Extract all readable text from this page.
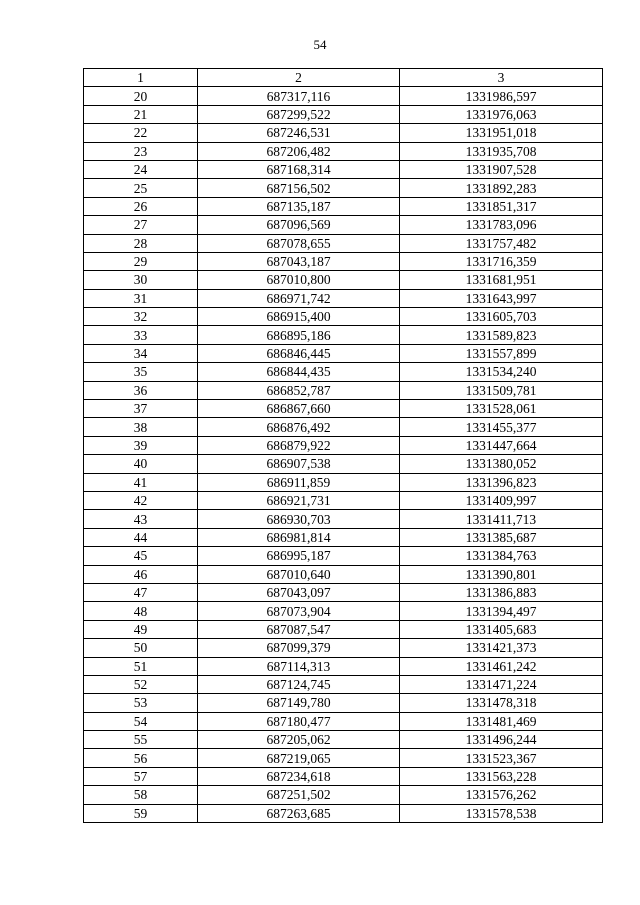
54
1	2	3
20	687317,116	1331986,597
21	687299,522	1331976,063
22	687246,531	1331951,018
23	687206,482	1331935,708
24	687168,314	1331907,528
25	687156,502	1331892,283
26	687135,187	1331851,317
27	687096,569	1331783,096
28	687078,655	1331757,482
29	687043,187	1331716,359
30	687010,800	1331681,951
31	686971,742	1331643,997
32	686915,400	1331605,703
33	686895,186	1331589,823
34	686846,445	1331557,899
35	686844,435	1331534,240
36	686852,787	1331509,781
37	686867,660	1331528,061
38	686876,492	1331455,377
39	686879,922	1331447,664
40	686907,538	1331380,052
41	686911,859	1331396,823
42	686921,731	1331409,997
43	686930,703	1331411,713
44	686981,814	1331385,687
45	686995,187	1331384,763
46	687010,640	1331390,801
47	687043,097	1331386,883
48	687073,904	1331394,497
49	687087,547	1331405,683
50	687099,379	1331421,373
51	687114,313	1331461,242
52	687124,745	1331471,224
53	687149,780	1331478,318
54	687180,477	1331481,469
55	687205,062	1331496,244
56	687219,065	1331523,367
57	687234,618	1331563,228
58	687251,502	1331576,262
59	687263,685	1331578,538
